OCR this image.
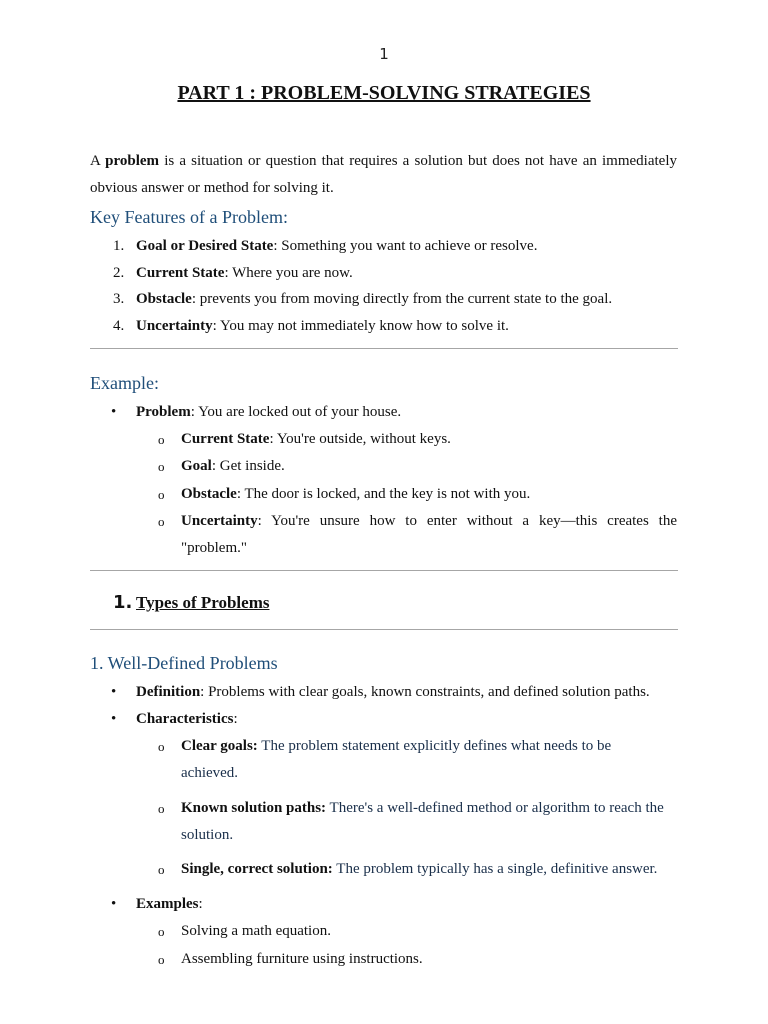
1
PART 1 : PROBLEM-SOLVING STRATEGIES

A problem is a situation or question that requires a solution but does not have an immediately obvious answer or method for solving it.

Key Features of a Problem:
1. Goal or Desired State: Something you want to achieve or resolve.
2. Current State: Where you are now.
3. Obstacle: prevents you from moving directly from the current state to the goal.
4. Uncertainty: You may not immediately know how to solve it.
Example:
• Problem: You are locked out of your house.
o Current State: You're outside, without keys.
o Goal: Get inside.
o Obstacle: The door is locked, and the key is not with you.
o Uncertainty: You're unsure how to enter without a key—this creates the "problem."

1. Types of Problems
1. Well-Defined Problems
• Definition: Problems with clear goals, known constraints, and defined solution paths.
• Characteristics:
o Clear goals: The problem statement explicitly defines what needs to be achieved.

o Known solution paths: There's a well-defined method or algorithm to reach the solution.

o Single, correct solution: The problem typically has a single, definitive answer.
• Examples:
o Solving a math equation.
o Assembling furniture using instructions.
